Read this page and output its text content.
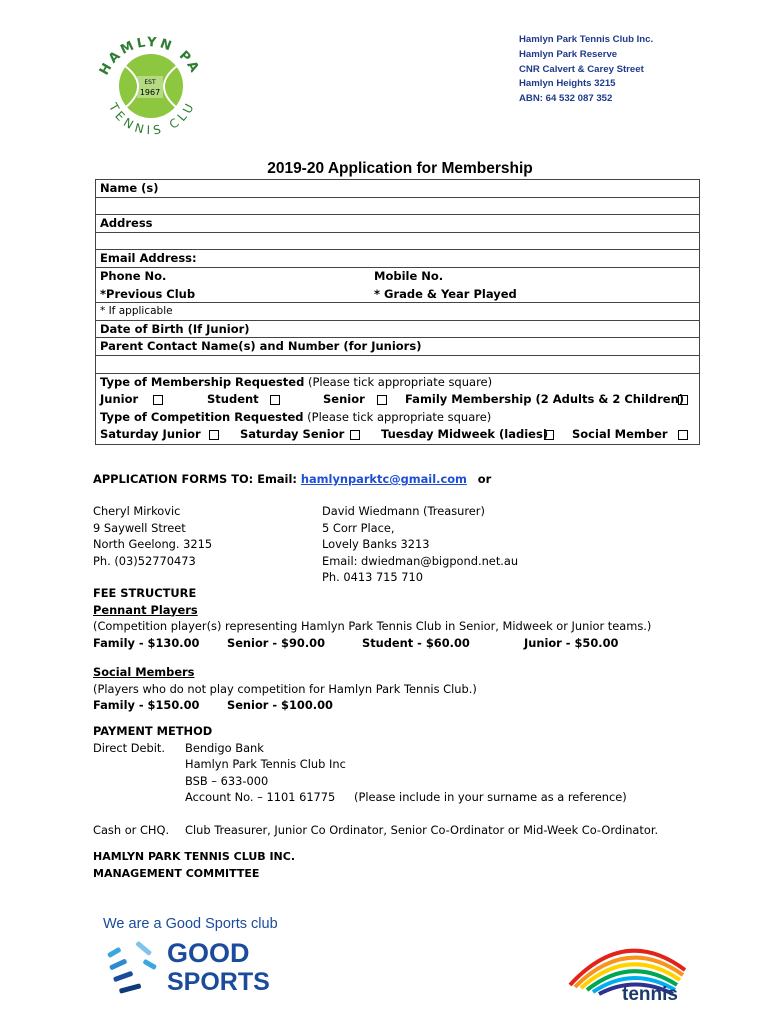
HAMLYN PA
TENNIS CLU
EST
1967
Hamlyn Park Tennis Club Inc.
Hamlyn Park Reserve
CNR Calvert & Carey Street
Hamlyn Heights 3215
ABN: 64 532 087 352
2019-20 Application for Membership
Name (s)
Address
Email Address:
Phone No.	Mobile No.
*Previous Club	* Grade & Year Played
* If applicable
Date of Birth (If Junior)
Parent Contact Name(s) and Number (for Juniors)
Type of Membership Requested (Please tick appropriate square)
Junior	Student	Senior	Family Membership (2 Adults & 2 Children)
Type of Competition Requested (Please tick appropriate square)
Saturday Junior	Saturday Senior	Tuesday Midweek (ladies) Social Member
APPLICATION FORMS TO: Email: hamlynparktc@gmail.com or
Cheryl Mirkovic
9 Saywell Street
North Geelong. 3215
Ph. (03)52770473
David Wiedmann (Treasurer)
5 Corr Place,
Lovely Banks 3213
Email: dwiedman@bigpond.net.au
Ph. 0413 715 710
FEE STRUCTURE
Pennant Players
(Competition player(s) representing Hamlyn Park Tennis Club in Senior, Midweek or Junior teams.)
Family - $130.00 Senior - $90.00	Student - $60.00	Junior - $50.00
Social Members
(Players who do not play competition for Hamlyn Park Tennis Club.)
Family - $150.00 Senior - $100.00
PAYMENT METHOD
Direct Debit. Bendigo Bank
Hamlyn Park Tennis Club Inc
BSB – 633-000
Account No. – 1101 61775	(Please include in your surname as a reference)
Cash or CHQ. Club Treasurer, Junior Co Ordinator, Senior Co-Ordinator or Mid-Week Co-Ordinator.
HAMLYN PARK TENNIS CLUB INC.
MANAGEMENT COMMITTEE
We are a Good Sports club
GOOD
SPORTS	tennis
